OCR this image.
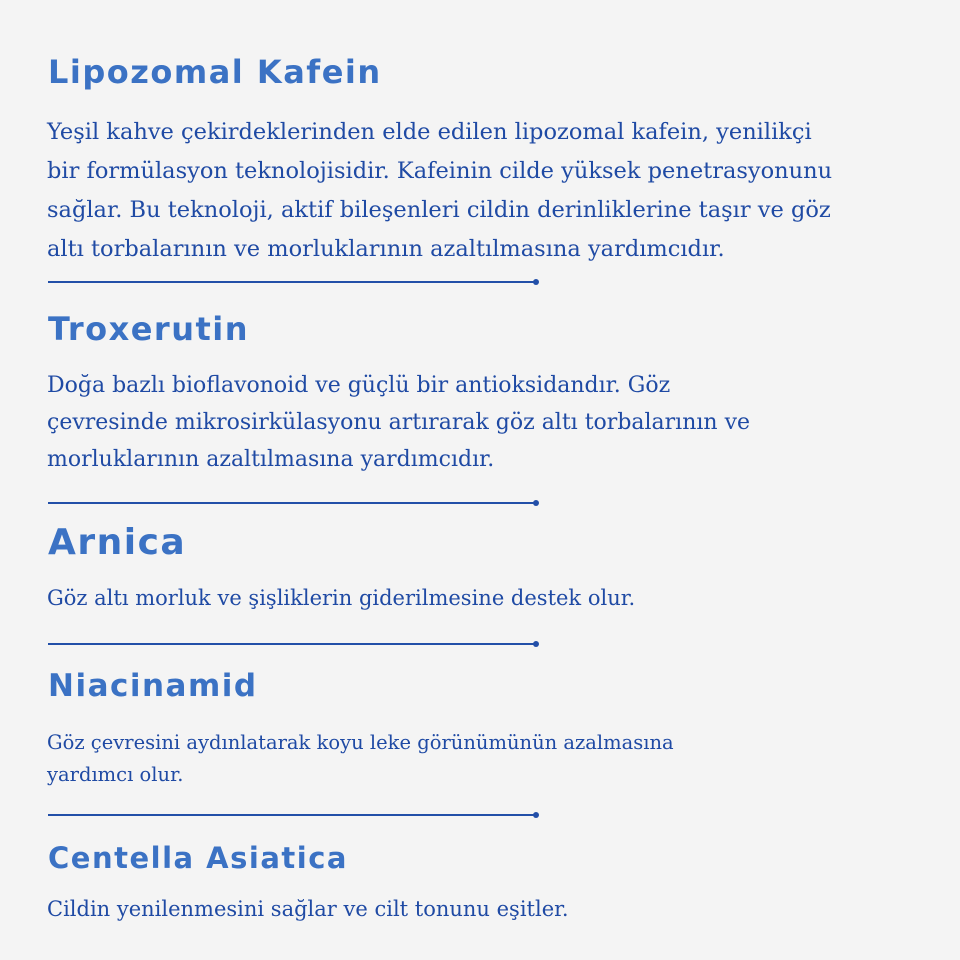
Lipozomal Kafein

Yeşil kahve çekirdeklerinden elde edilen lipozomal kafein, yenilikçi
bir formülasyon teknolojisidir. Kafeinin cilde yüksek penetrasyonunu
sağlar. Bu teknoloji, aktif bileşenleri cildin derinliklerine taşır ve göz
altı torbalarının ve morluklarının azaltılmasına yardımcıdır.

Troxerutin

Doğa bazlı bioflavonoid ve güçlü bir antioksidandır. Göz
çevresinde mikrosirkülasyonu artırarak göz altı torbalarının ve
morluklarının azaltılmasına yardımcıdır.

Arnica

Göz altı morluk ve şişliklerin giderilmesine destek olur.

Niacinamid

Göz çevresini aydınlatarak koyu leke görünümünün azalmasına
yardımcı olur.

Centella Asiatica

Cildin yenilenmesini sağlar ve cilt tonunu eşitler.
